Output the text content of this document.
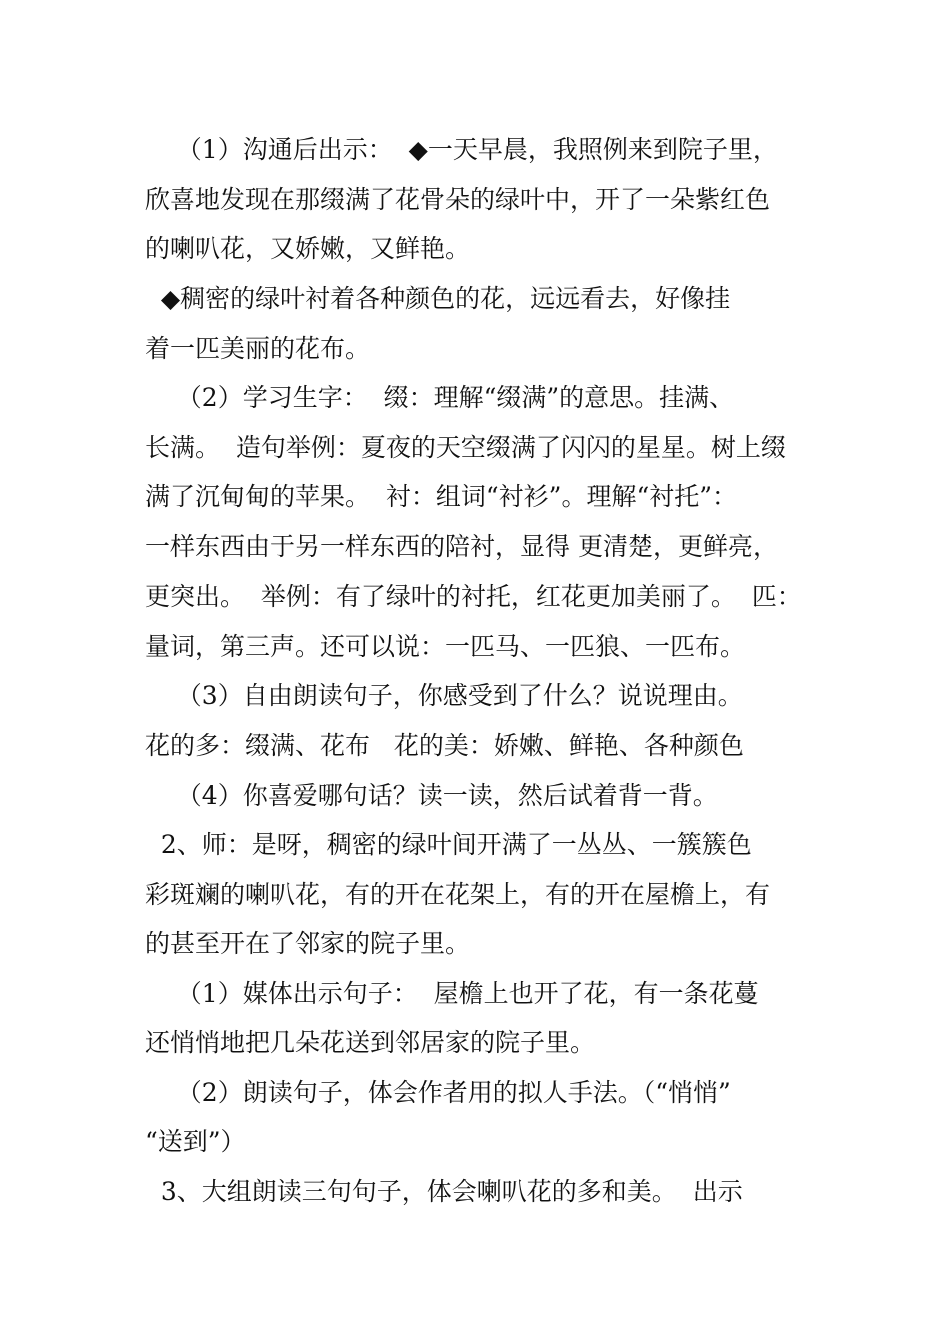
（1）沟通后出示：  ◆一天早晨，我照例来到院子里，
欣喜地发现在那缀满了花骨朵的绿叶中，开了一朵紫红色
的喇叭花，又娇嫩，又鲜艳。
◆稠密的绿叶衬着各种颜色的花，远远看去，好像挂
着一匹美丽的花布。
（2）学习生字：  缀：理解“缀满”的意思。挂满、
长满。  造句举例：夏夜的天空缀满了闪闪的星星。树上缀
满了沉甸甸的苹果。  衬：组词“衬衫”。理解“衬托”：
一样东西由于另一样东西的陪衬，显得 更清楚，更鲜亮，
更突出。  举例：有了绿叶的衬托，红花更加美丽了。  匹：
量词，第三声。还可以说：一匹马、一匹狼、一匹布。
（3）自由朗读句子，你感受到了什么？说说理由。
花的多：缀满、花布   花的美：娇嫩、鲜艳、各种颜色
（4）你喜爱哪句话？读一读，然后试着背一背。
2、师：是呀，稠密的绿叶间开满了一丛丛、一簇簇色
彩斑斓的喇叭花，有的开在花架上，有的开在屋檐上，有
的甚至开在了邻家的院子里。
（1）媒体出示句子：  屋檐上也开了花，有一条花蔓
还悄悄地把几朵花送到邻居家的院子里。
（2）朗读句子，体会作者用的拟人手法。（“悄悄”
“送到”）
3、大组朗读三句句子，体会喇叭花的多和美。  出示
